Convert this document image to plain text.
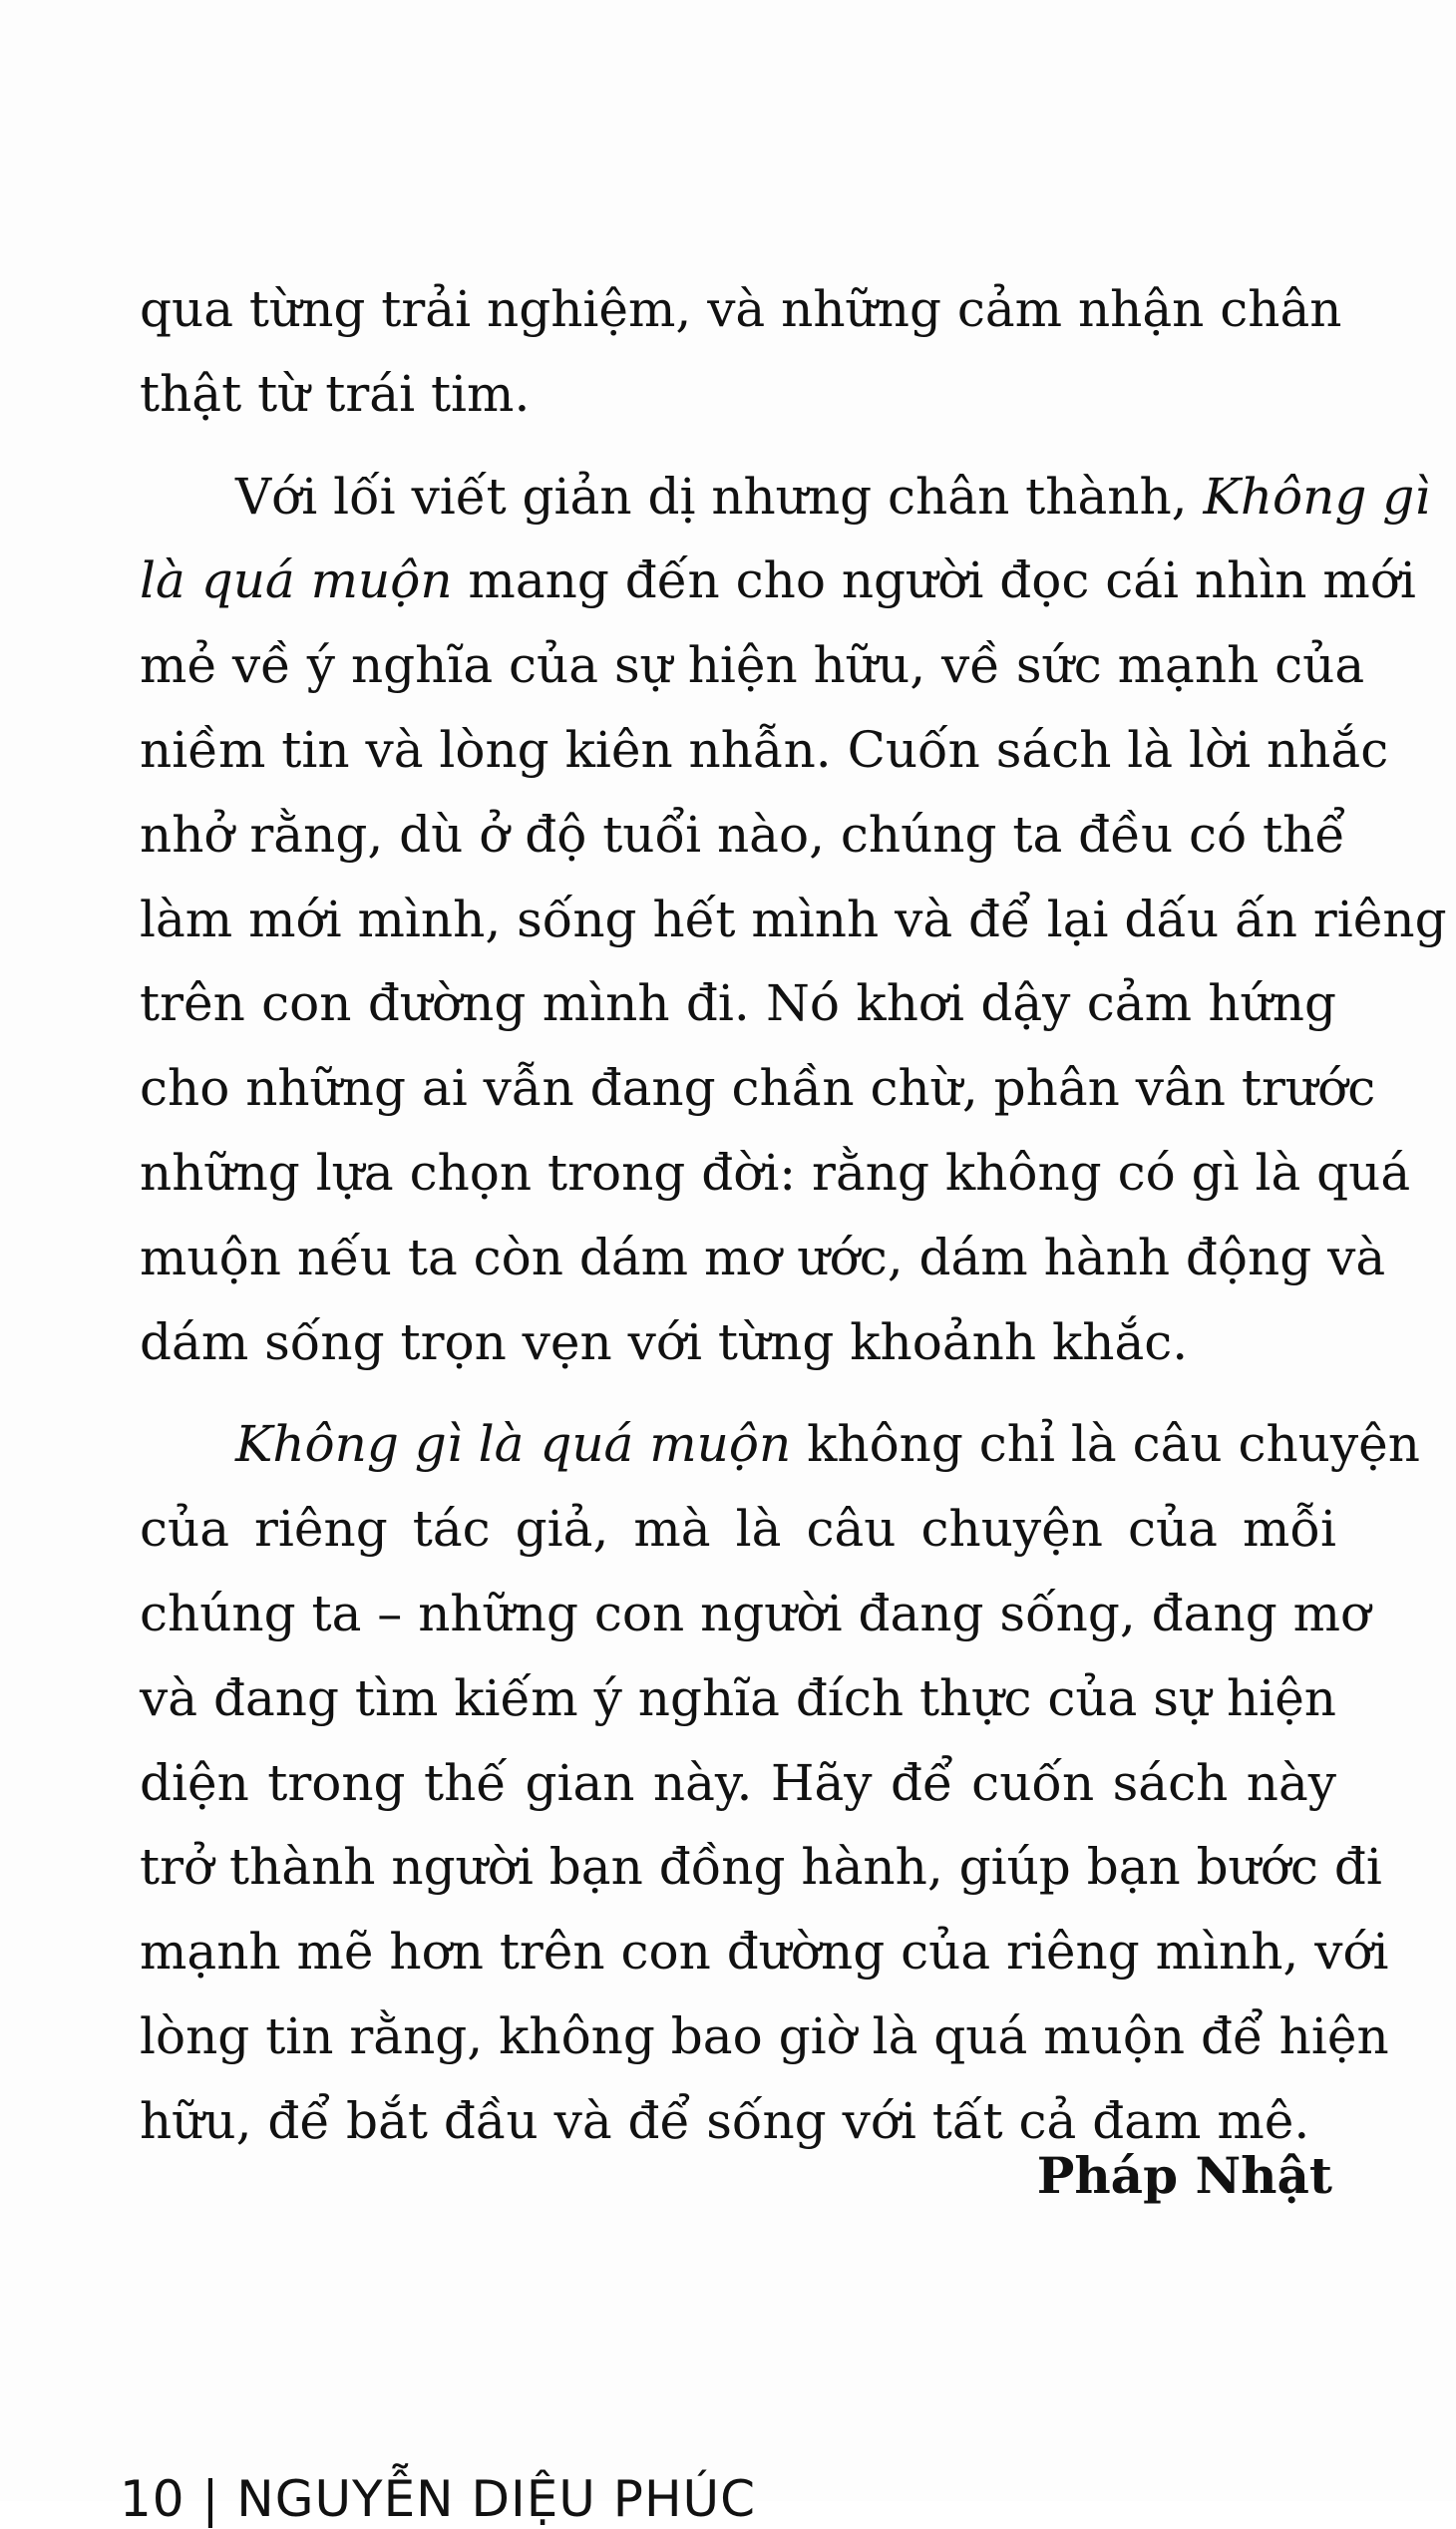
qua từng trải nghiệm, và những cảm nhận chân
thật từ trái tim.
Với lối viết giản dị nhưng chân thành, Không gì
là quá muộn mang đến cho người đọc cái nhìn mới
mẻ về ý nghĩa của sự hiện hữu, về sức mạnh của
niềm tin và lòng kiên nhẫn. Cuốn sách là lời nhắc
nhở rằng, dù ở độ tuổi nào, chúng ta đều có thể
làm mới mình, sống hết mình và để lại dấu ấn riêng
trên con đường mình đi. Nó khơi dậy cảm hứng
cho những ai vẫn đang chần chừ, phân vân trước
những lựa chọn trong đời: rằng không có gì là quá
muộn nếu ta còn dám mơ ước, dám hành động và
dám sống trọn vẹn với từng khoảnh khắc.
Không gì là quá muộn không chỉ là câu chuyện
của riêng tác giả, mà là câu chuyện của mỗi
chúng ta – những con người đang sống, đang mơ
và đang tìm kiếm ý nghĩa đích thực của sự hiện
diện trong thế gian này. Hãy để cuốn sách này
trở thành người bạn đồng hành, giúp bạn bước đi
mạnh mẽ hơn trên con đường của riêng mình, với
lòng tin rằng, không bao giờ là quá muộn để hiện
hữu, để bắt đầu và để sống với tất cả đam mê.
Pháp Nhật
10 | NGUYỄN DIỆU PHÚC
